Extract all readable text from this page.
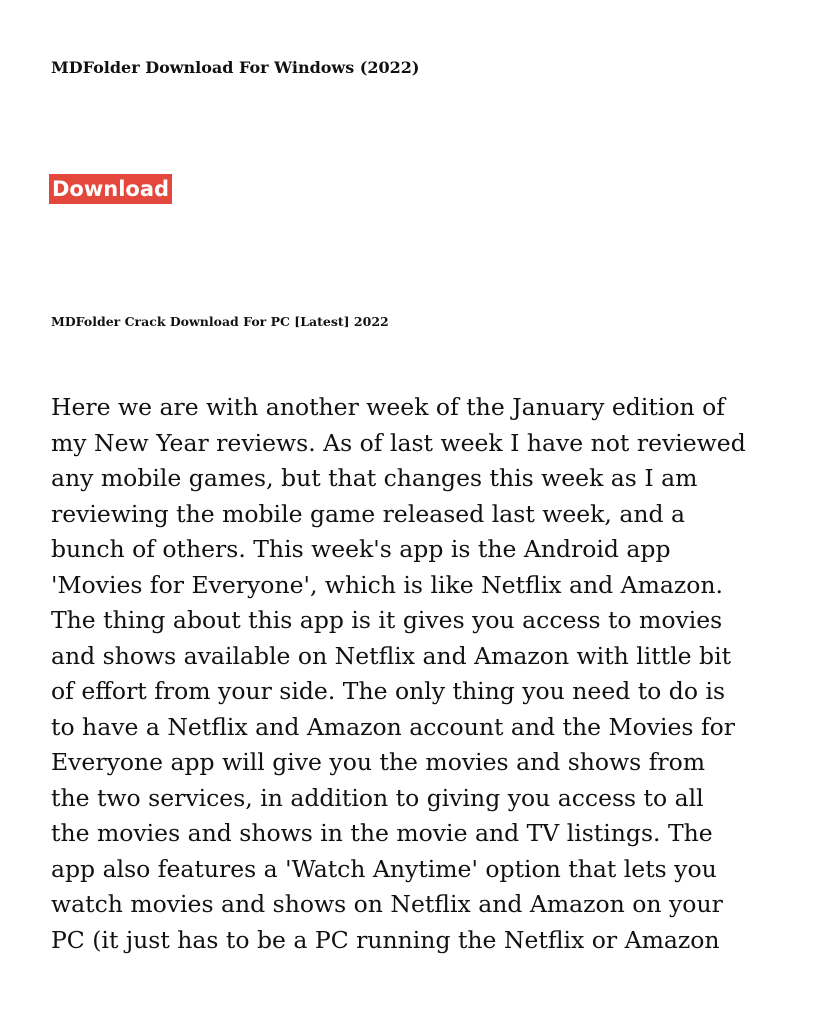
MDFolder Download For Windows (2022)
Download
MDFolder Crack Download For PC [Latest] 2022
Here we are with another week of the January edition of
my New Year reviews. As of last week I have not reviewed
any mobile games, but that changes this week as I am
reviewing the mobile game released last week, and a
bunch of others. This week's app is the Android app
'Movies for Everyone', which is like Netflix and Amazon.
The thing about this app is it gives you access to movies
and shows available on Netflix and Amazon with little bit
of effort from your side. The only thing you need to do is
to have a Netflix and Amazon account and the Movies for
Everyone app will give you the movies and shows from
the two services, in addition to giving you access to all
the movies and shows in the movie and TV listings. The
app also features a 'Watch Anytime' option that lets you
watch movies and shows on Netflix and Amazon on your
PC (it just has to be a PC running the Netflix or Amazon
